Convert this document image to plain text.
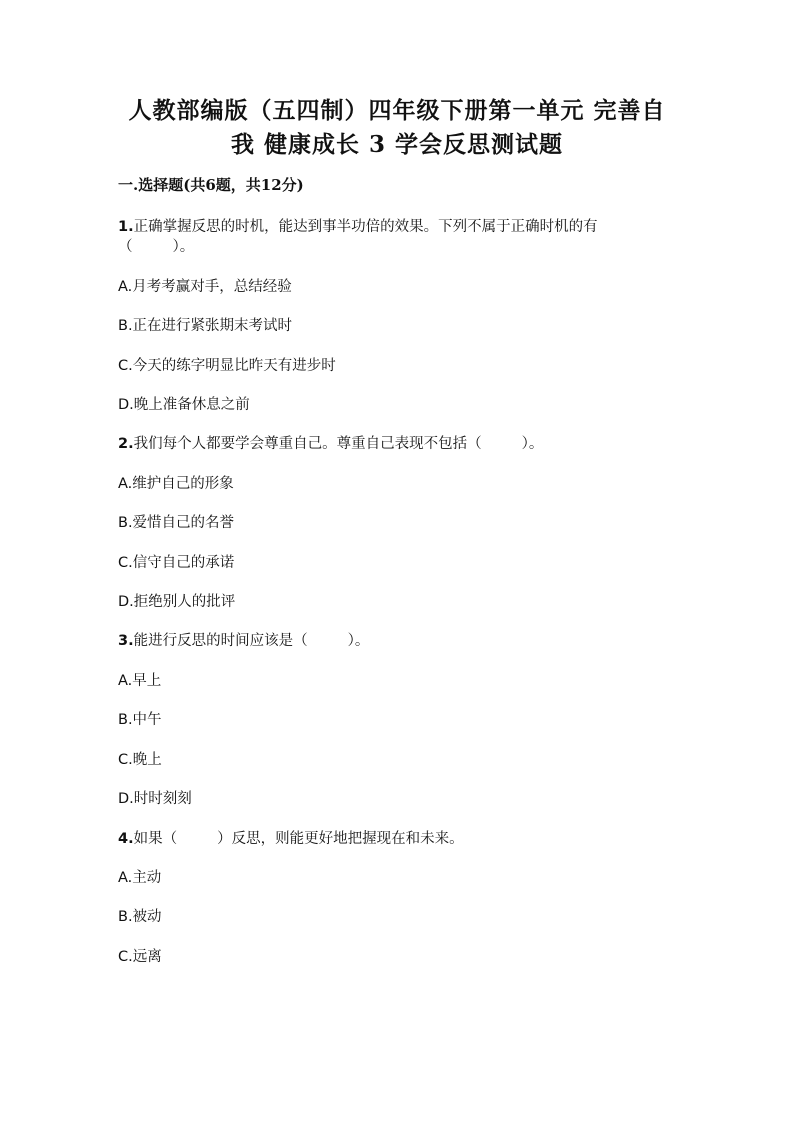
人教部编版（五四制）四年级下册第一单元 完善自
我 健康成长 3 学会反思测试题
一.选择题(共6题，共12分)
1.正确掌握反思的时机，能达到事半功倍的效果。下列不属于正确时机的有
（	）。
A.月考考赢对手，总结经验
B.正在进行紧张期末考试时
C.今天的练字明显比昨天有进步时
D.晚上准备休息之前
2.我们每个人都要学会尊重自己。尊重自己表现不包括（	）。
A.维护自己的形象
B.爱惜自己的名誉
C.信守自己的承诺
D.拒绝别人的批评
3.能进行反思的时间应该是（	）。
A.早上
B.中午
C.晚上
D.时时刻刻
4.如果（	）反思，则能更好地把握现在和未来。
A.主动
B.被动
C.远离
